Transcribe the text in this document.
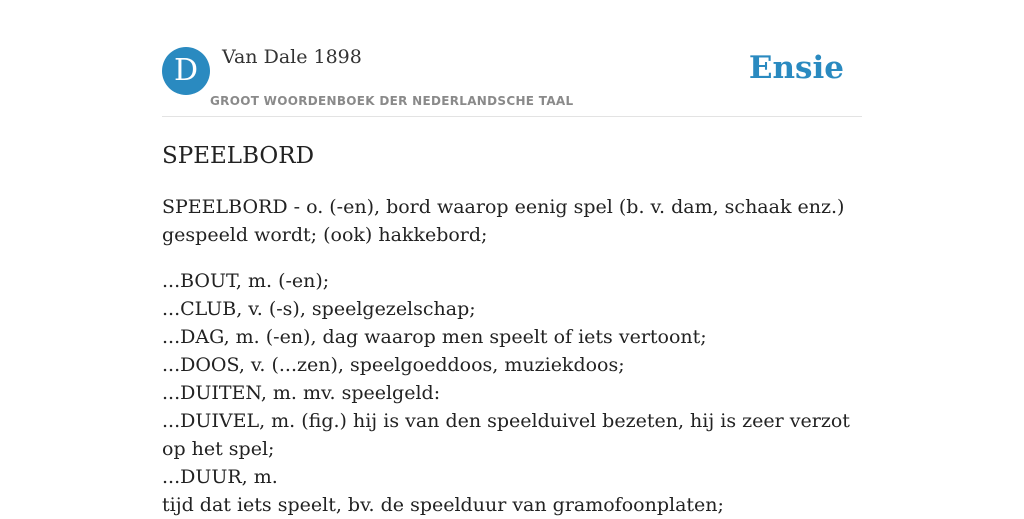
D	Van Dale 1898
GROOT WOORDENBOEK DER NEDERLANDSCHE TAAL
Ensie
SPEELBORD

SPEELBORD - o. (-en), bord waarop eenig spel (b. v. dam, schaak enz.) gespeeld wordt; (ook) hakkebord;

...BOUT, m. (-en);
...CLUB, v. (-s), speelgezelschap;
...DAG, m. (-en), dag waarop men speelt of iets vertoont;
...DOOS, v. (...zen), speelgoeddoos, muziekdoos;
...DUITEN, m. mv. speelgeld:
...DUIVEL, m. (fig.) hij is van den speelduivel bezeten, hij is zeer verzot op het spel;
...DUUR, m.
tijd dat iets speelt, bv. de speelduur van gramofoonplaten;
